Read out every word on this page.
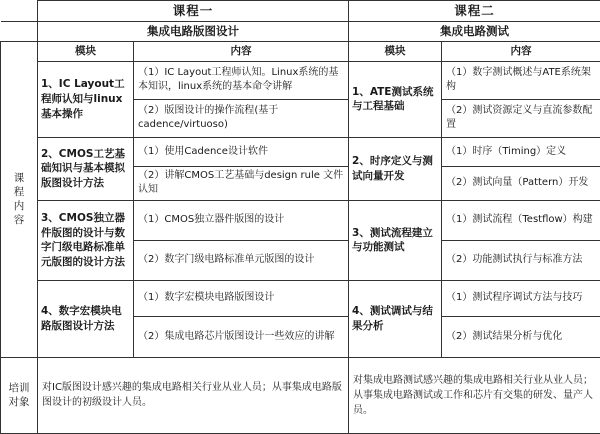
	课程一		课程二	
	集成电路版图设计		集成电路测试	
课程内容	模块	内容	模块	内容
	1、IC Layout工程师认知与linux基本操作	（1）IC Layout工程师认知。Linux系统的基本知识，linux系统的基本命令讲解	1、ATE测试系统与工程基础	（1）数字测试概述与ATE系统架构
		（2）版图设计的操作流程(基于cadence/virtuoso)		（2）测试资源定义与直流参数配置
	2、CMOS工艺基础知识与基本模拟版图设计方法	（1）使用Cadence设计软件	2、时序定义与测试向量开发	（1）时序（Timing）定义
		（2）讲解CMOS工艺基础与design rule 文件认知		（2）测试向量（Pattern）开发
	3、CMOS独立器件版图的设计与数字门级电路标准单元版图的设计方法	（1）CMOS独立器件版图的设计	3、测试流程建立与功能测试	（1）测试流程（Testflow）构建
		（2）数字门级电路标准单元版图的设计		（2）功能测试执行与标准方法
	4、数字宏模块电路版图设计方法	（1）数字宏模块电路版图设计	4、测试调试与结果分析	（1）测试程序调试方法与技巧
		（2）集成电路芯片版图设计一些效应的讲解		（2）测试结果分析与优化
培训对象	对IC版图设计感兴趣的集成电路相关行业从业人员；从事集成电路版图设计的初级设计人员。		对集成电路测试感兴趣的集成电路相关行业从业人员；从事集成电路测试或工作和芯片有交集的研发、量产人员。	
